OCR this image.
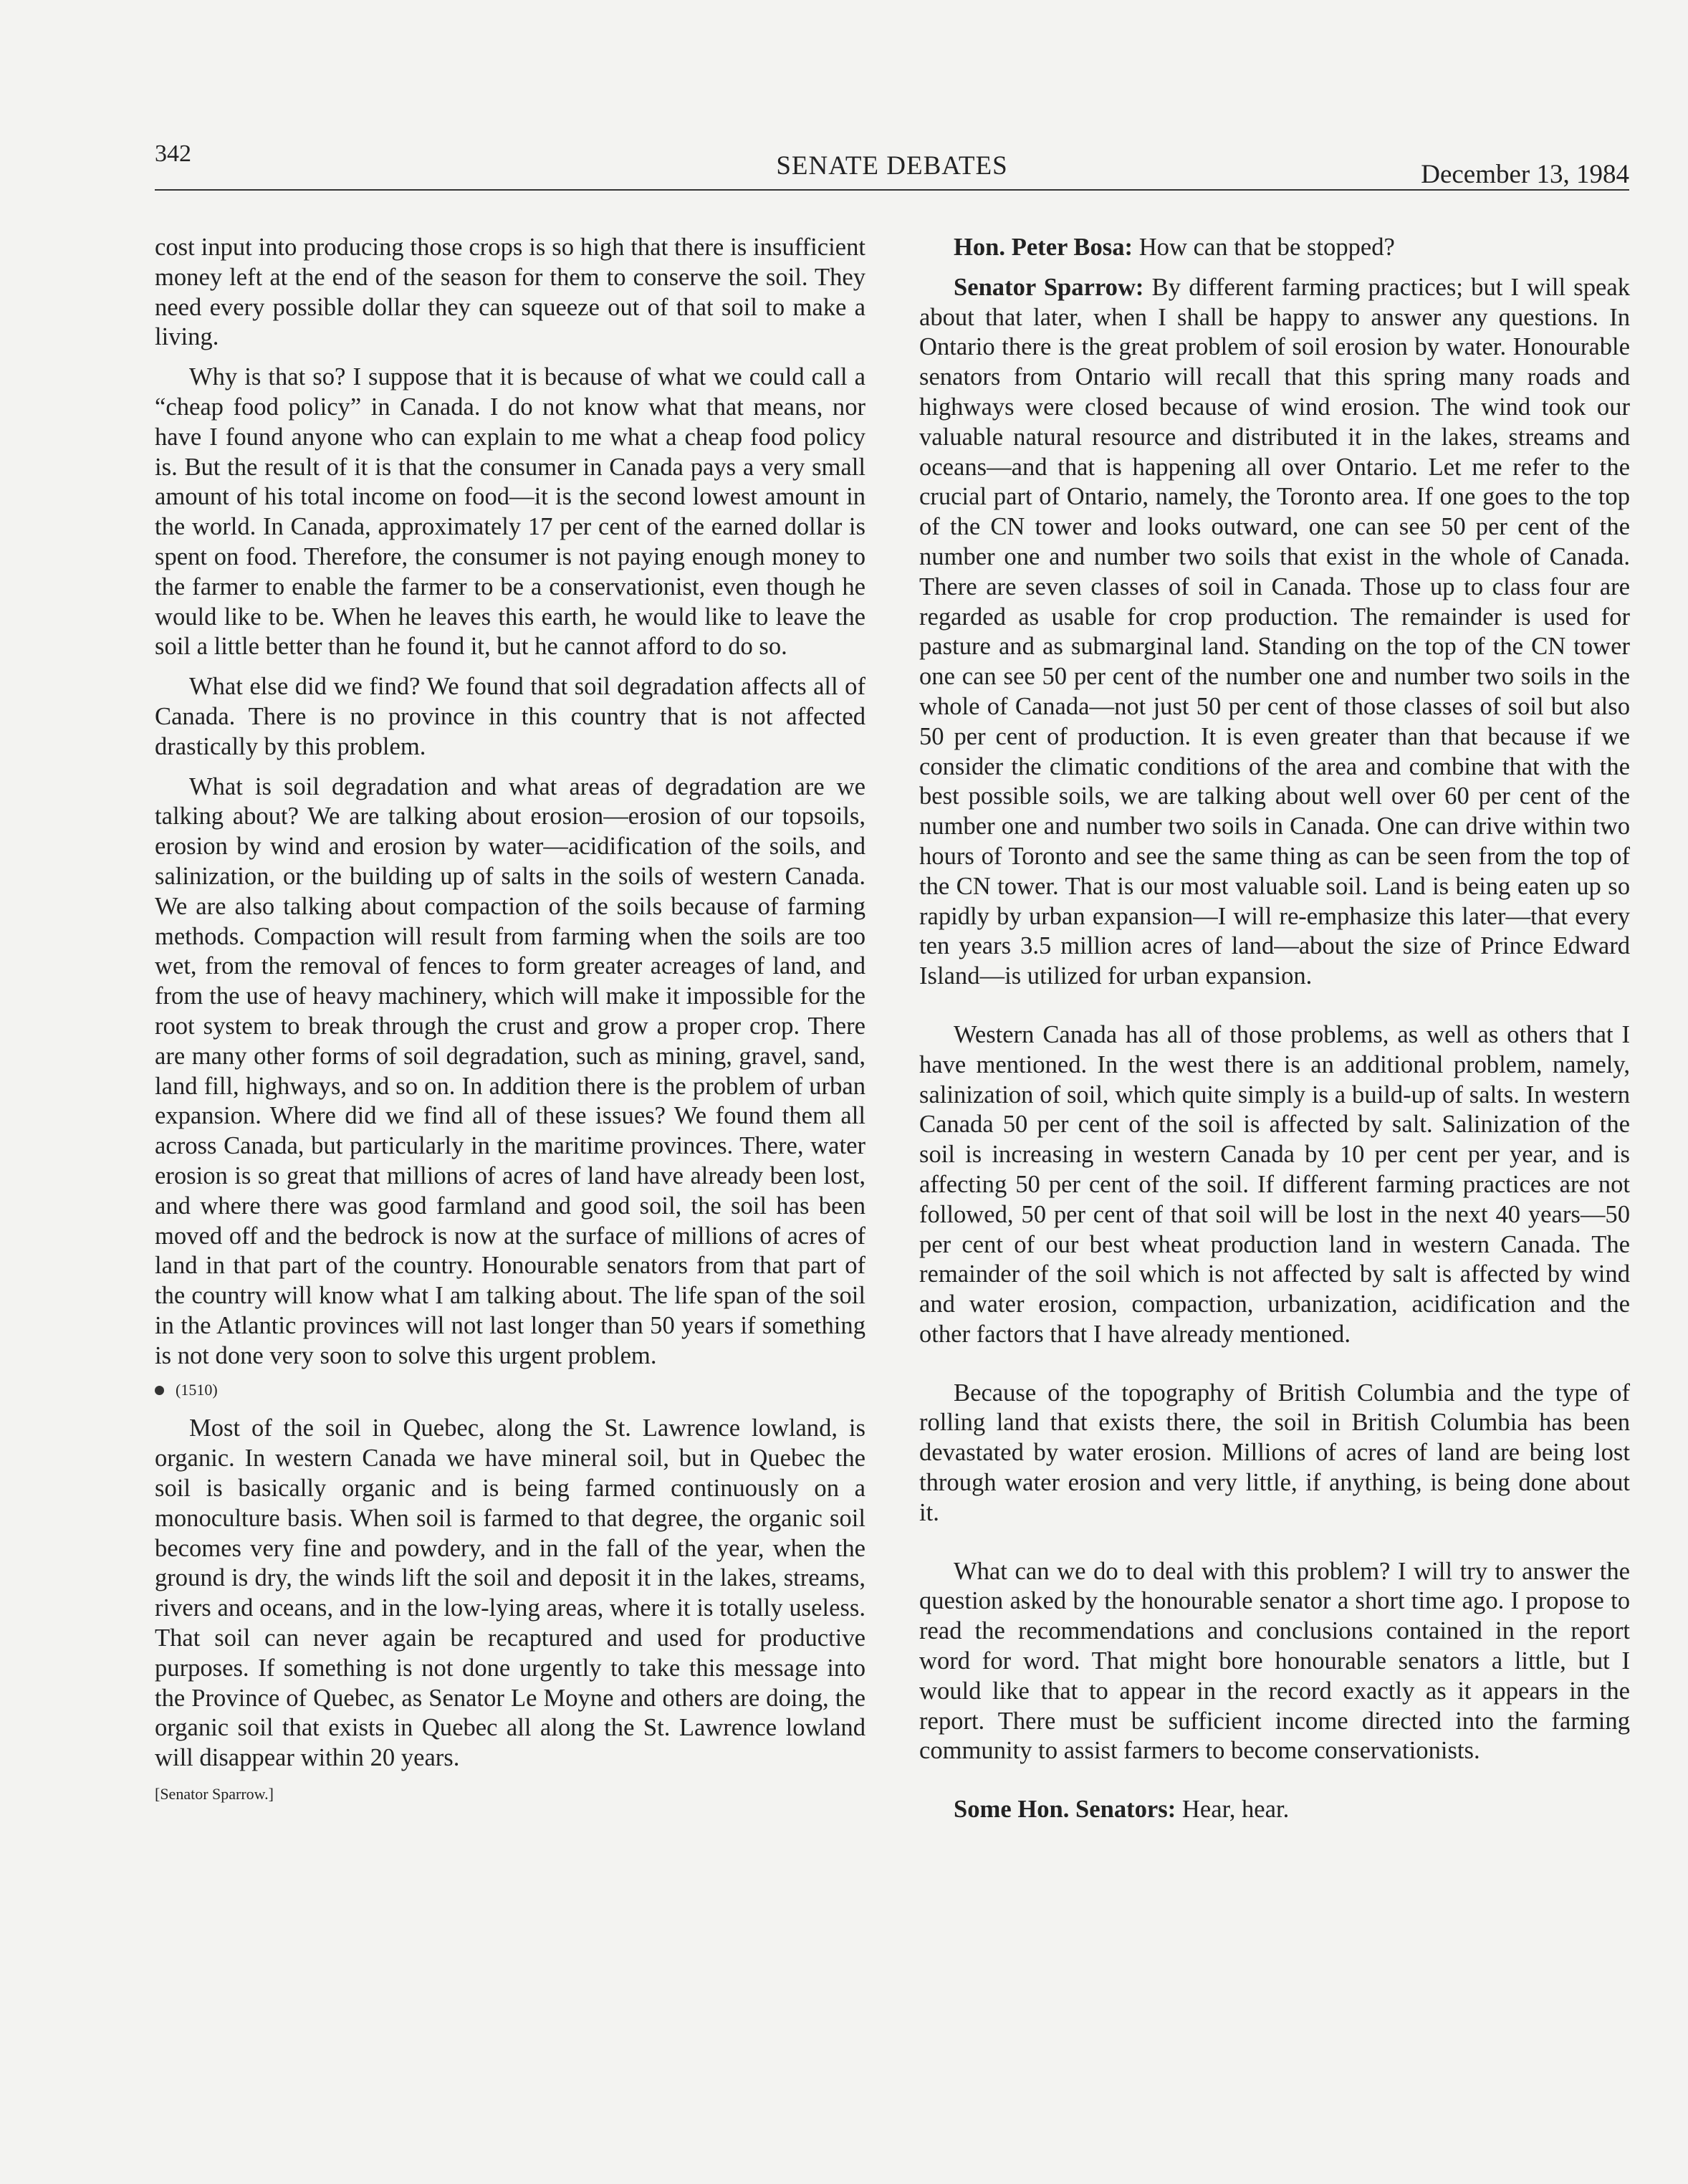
342	SENATE DEBATES	December 13, 1984

cost input into producing those crops is so high that there is insufficient money left at the end of the season for them to conserve the soil. They need every possible dollar they can squeeze out of that soil to make a living.

Why is that so? I suppose that it is because of what we could call a “cheap food policy” in Canada. I do not know what that means, nor have I found anyone who can explain to me what a cheap food policy is. But the result of it is that the consumer in Canada pays a very small amount of his total income on food—it is the second lowest amount in the world. In Canada, approximately 17 per cent of the earned dollar is spent on food. Therefore, the consumer is not paying enough money to the farmer to enable the farmer to be a conservationist, even though he would like to be. When he leaves this earth, he would like to leave the soil a little better than he found it, but he cannot afford to do so.

What else did we find? We found that soil degradation affects all of Canada. There is no province in this country that is not affected drastically by this problem.

What is soil degradation and what areas of degradation are we talking about? We are talking about erosion—erosion of our topsoils, erosion by wind and erosion by water—acidification of the soils, and salinization, or the building up of salts in the soils of western Canada. We are also talking about compaction of the soils because of farming methods. Compaction will result from farming when the soils are too wet, from the removal of fences to form greater acreages of land, and from the use of heavy machinery, which will make it impossible for the root system to break through the crust and grow a proper crop. There are many other forms of soil degradation, such as mining, gravel, sand, land fill, highways, and so on. In addition there is the problem of urban expansion. Where did we find all of these issues? We found them all across Canada, but particularly in the maritime provinces. There, water erosion is so great that millions of acres of land have already been lost, and where there was good farmland and good soil, the soil has been moved off and the bedrock is now at the surface of millions of acres of land in that part of the country. Honourable senators from that part of the country will know what I am talking about. The life span of the soil in the Atlantic provinces will not last longer than 50 years if something is not done very soon to solve this urgent problem.

(1510)

Most of the soil in Quebec, along the St. Lawrence lowland, is organic. In western Canada we have mineral soil, but in Quebec the soil is basically organic and is being farmed continuously on a monoculture basis. When soil is farmed to that degree, the organic soil becomes very fine and powdery, and in the fall of the year, when the ground is dry, the winds lift the soil and deposit it in the lakes, streams, rivers and oceans, and in the low-lying areas, where it is totally useless. That soil can never again be recaptured and used for productive purposes. If something is not done urgently to take this message into the Province of Quebec, as Senator Le Moyne and others are doing, the organic soil that exists in Quebec all along the St. Lawrence lowland will disappear within 20 years.

[Senator Sparrow.]

Hon. Peter Bosa: How can that be stopped?

Senator Sparrow: By different farming practices; but I will speak about that later, when I shall be happy to answer any questions. In Ontario there is the great problem of soil erosion by water. Honourable senators from Ontario will recall that this spring many roads and highways were closed because of wind erosion. The wind took our valuable natural resource and distributed it in the lakes, streams and oceans—and that is happening all over Ontario. Let me refer to the crucial part of Ontario, namely, the Toronto area. If one goes to the top of the CN tower and looks outward, one can see 50 per cent of the number one and number two soils that exist in the whole of Canada. There are seven classes of soil in Canada. Those up to class four are regarded as usable for crop production. The remainder is used for pasture and as submarginal land. Standing on the top of the CN tower one can see 50 per cent of the number one and number two soils in the whole of Canada—not just 50 per cent of those classes of soil but also 50 per cent of production. It is even greater than that because if we consider the climatic conditions of the area and combine that with the best possible soils, we are talking about well over 60 per cent of the number one and number two soils in Canada. One can drive within two hours of Toronto and see the same thing as can be seen from the top of the CN tower. That is our most valuable soil. Land is being eaten up so rapidly by urban expansion—I will re-emphasize this later—that every ten years 3.5 million acres of land—about the size of Prince Edward Island—is utilized for urban expansion.

Western Canada has all of those problems, as well as others that I have mentioned. In the west there is an additional problem, namely, salinization of soil, which quite simply is a build-up of salts. In western Canada 50 per cent of the soil is affected by salt. Salinization of the soil is increasing in western Canada by 10 per cent per year, and is affecting 50 per cent of the soil. If different farming practices are not followed, 50 per cent of that soil will be lost in the next 40 years—50 per cent of our best wheat production land in western Canada. The remainder of the soil which is not affected by salt is affected by wind and water erosion, compaction, urbanization, acidification and the other factors that I have already mentioned.

Because of the topography of British Columbia and the type of rolling land that exists there, the soil in British Columbia has been devastated by water erosion. Millions of acres of land are being lost through water erosion and very little, if anything, is being done about it.

What can we do to deal with this problem? I will try to answer the question asked by the honourable senator a short time ago. I propose to read the recommendations and conclusions contained in the report word for word. That might bore honourable senators a little, but I would like that to appear in the record exactly as it appears in the report. There must be sufficient income directed into the farming community to assist farmers to become conservationists.

Some Hon. Senators: Hear, hear.
